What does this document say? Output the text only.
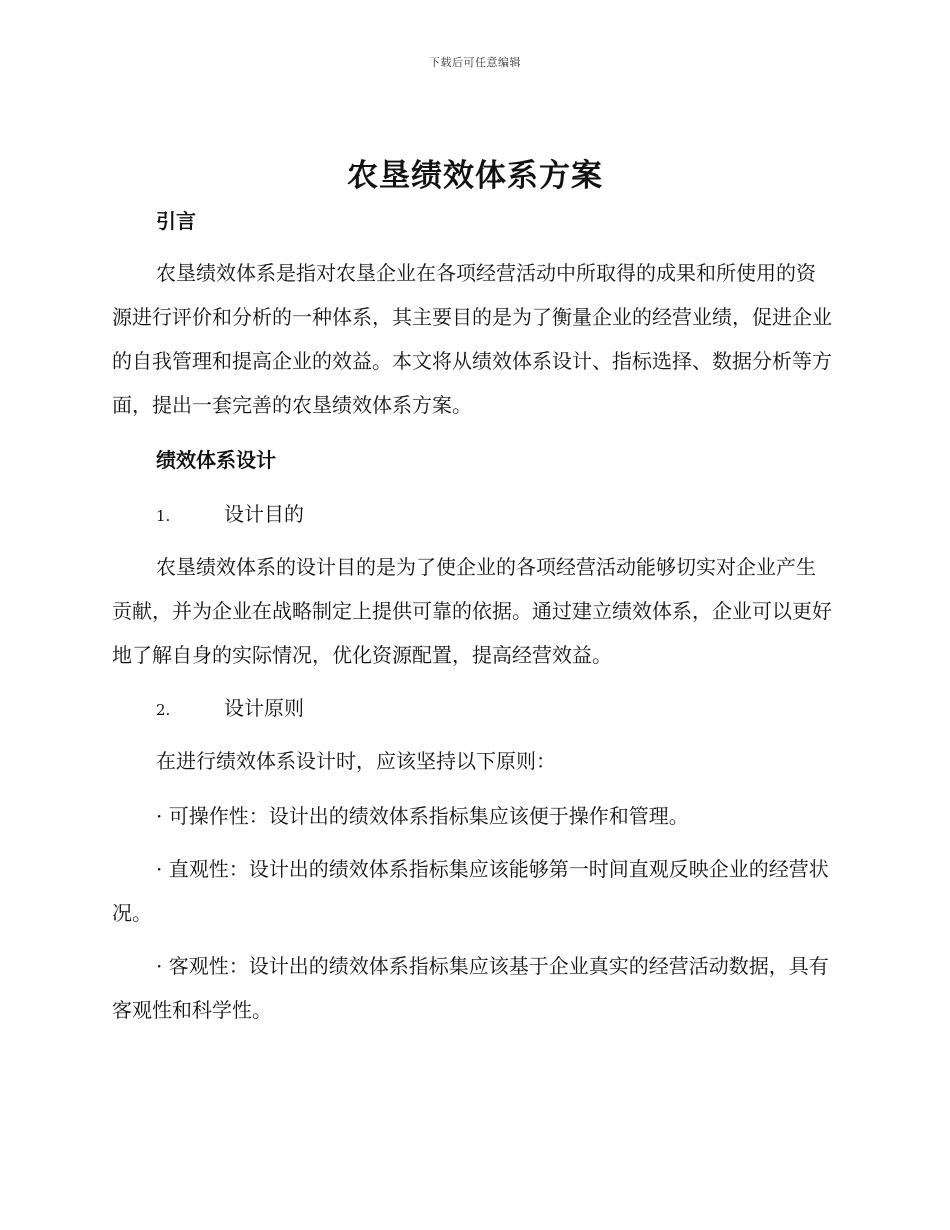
下载后可任意编辑
农垦绩效体系方案
引言

农垦绩效体系是指对农垦企业在各项经营活动中所取得的成果和所使用的资源进行评价和分析的一种体系，其主要目的是为了衡量企业的经营业绩，促进企业的自我管理和提高企业的效益。本文将从绩效体系设计、指标选择、数据分析等方面，提出一套完善的农垦绩效体系方案。

绩效体系设计
1.	设计目的

农垦绩效体系的设计目的是为了使企业的各项经营活动能够切实对企业产生贡献，并为企业在战略制定上提供可靠的依据。通过建立绩效体系，企业可以更好地了解自身的实际情况，优化资源配置，提高经营效益。

2.	设计原则

在进行绩效体系设计时，应该坚持以下原则：

· 可操作性：设计出的绩效体系指标集应该便于操作和管理。

· 直观性：设计出的绩效体系指标集应该能够第一时间直观反映企业的经营状况。

· 客观性：设计出的绩效体系指标集应该基于企业真实的经营活动数据，具有客观性和科学性。
